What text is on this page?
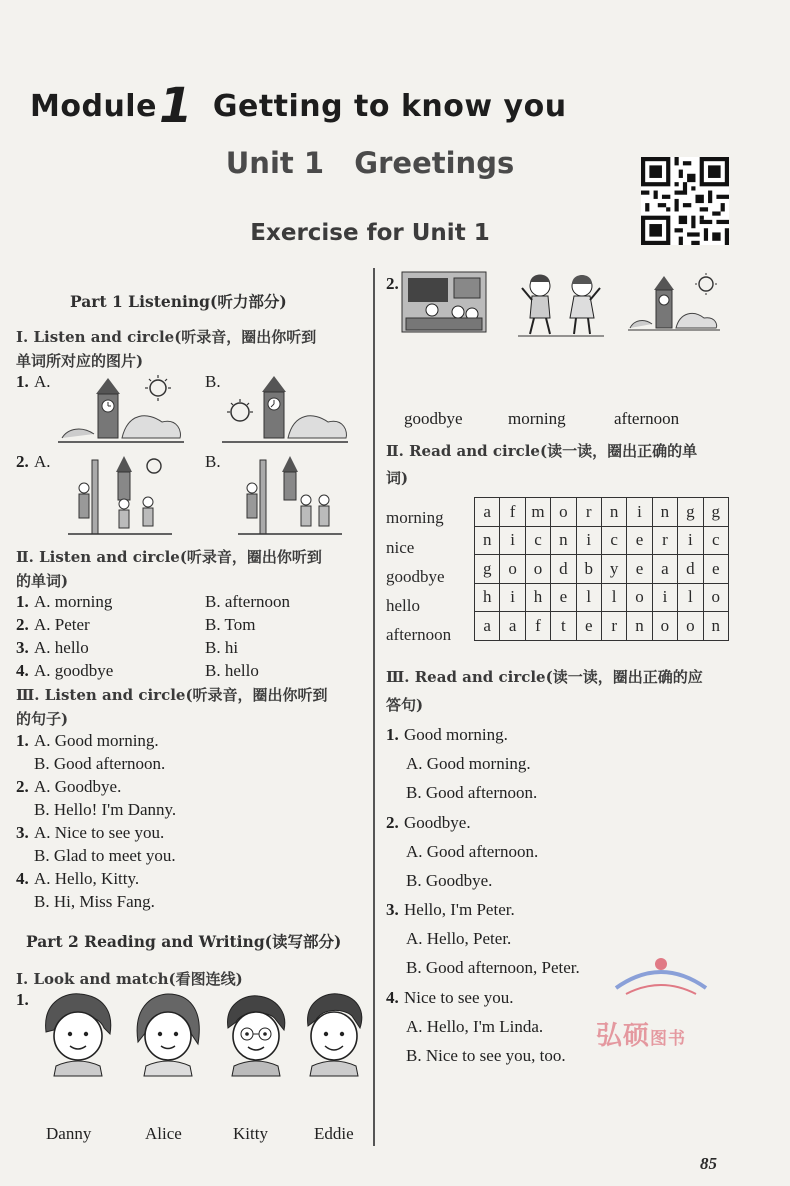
Module1 Getting to know you
Unit 1   Greetings
Exercise for Unit 1
Part 1 Listening(听力部分)
Ⅰ. Listen and circle(听录音，圈出你听到
单词所对应的图片)
1. A.	B.
2. A.	B.
Ⅱ. Listen and circle(听录音，圈出你听到
的单词)
1. A. morning	B. afternoon
2. A. Peter	B. Tom
3. A. hello	B. hi
4. A. goodbye	B. hello
Ⅲ. Listen and circle(听录音，圈出你听到
的句子)
1. A. Good morning.
B. Good afternoon.
2. A. Goodbye.
B. Hello! I'm Danny.
3. A. Nice to see you.
B. Glad to meet you.
4. A. Hello, Kitty.
B. Hi, Miss Fang.
Part 2 Reading and Writing(读写部分)
Ⅰ. Look and match(看图连线)
1.
Danny	Alice	Kitty	Eddie
2.
goodbye	morning	afternoon
Ⅱ. Read and circle(读一读，圈出正确的单
词)
morning
nice
goodbye
hello
afternoon
a	f	m	o	r	n	i	n	g	g
n	i	c	n	i	c	e	r	i	c
g	o	o	d	b	y	e	a	d	e
h	i	h	e	l	l	o	i	l	o
a	a	f	t	e	r	n	o	o	n
Ⅲ. Read and circle(读一读，圈出正确的应
答句)
1. Good morning.
A. Good morning.
B. Good afternoon.
2. Goodbye.
A. Good afternoon.
B. Goodbye.
3. Hello, I'm Peter.
A. Hello, Peter.
B. Good afternoon, Peter.
4. Nice to see you.
A. Hello, I'm Linda.
B. Nice to see you, too.
弘硕图书
85
